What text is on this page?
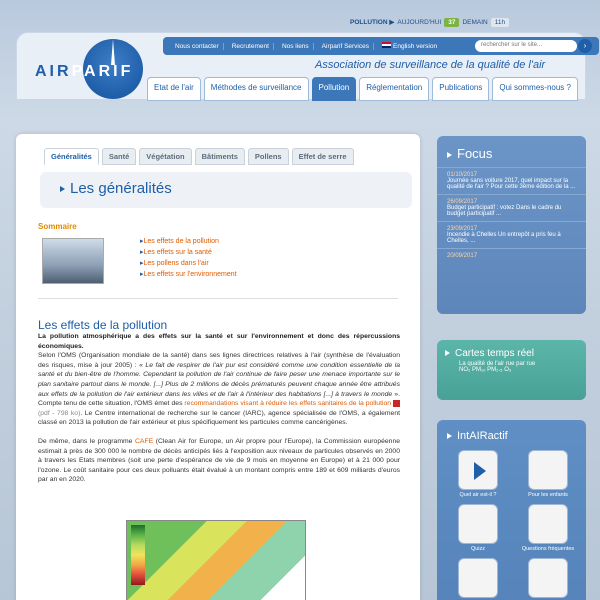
POLLUTION ▶ AUJOURD'HUI	37	DEMAIN	11h
AIRPARIF
Nous contacter	Recrutement	Nos liens	Airparif Services	English version	rechercher sur le site...	›
Association de surveillance de la qualité de l'air
Etat de l'air	Méthodes de surveillance	Pollution	Réglementation	Publications	Qui sommes-nous ?
Généralités	Santé	Végétation	Bâtiments	Pollens	Effet de serre
Les généralités
Sommaire
▸ Les effets de la pollution
▸ Les effets sur la santé
▸ Les pollens dans l'air
▸ Les effets sur l'environnement
Les effets de la pollution

La pollution atmosphérique a des effets sur la santé et sur l'environnement et donc des répercussions économiques.

Selon l'OMS (Organisation mondiale de la santé) dans ses lignes directrices relatives à l'air (synthèse de l'évaluation des risques, mise à jour 2005) : « Le fait de respirer de l'air pur est considéré comme une condition essentielle de la santé et du bien-être de l'homme. Cependant la pollution de l'air continue de faire peser une menace importante sur le plan sanitaire partout dans le monde. [...] Plus de 2 millions de décès prématurés peuvent chaque année être attribués aux effets de la pollution de l'air extérieur dans les villes et de l'air à l'intérieur des habitations [...] à travers le monde ». Compte tenu de cette situation, l'OMS émet des recommandations visant à réduire les effets sanitaires de la pollution  (pdf - 798 ko). Le Centre international de recherche sur le cancer (IARC), agence spécialisée de l'OMS, a également classé en 2013 la pollution de l'air extérieur et plus spécifiquement les particules comme cancérigènes.

De même, dans le programme CAFE (Clean Air for Europe, un Air propre pour l'Europe), la Commission européenne estimait à près de 300 000 le nombre de décès anticipés liés à l'exposition aux niveaux de particules observés en 2000 à travers les Etats membres (soit une perte d'espérance de vie de 9 mois en moyenne en Europe) et à 21 000 pour l'ozone. Le coût sanitaire pour ces deux polluants était évalué à un montant compris entre 189 et 609 milliards d'euros par an en 2020.

Focus
01/10/2017
Journée sans voiture 2017, quel impact sur la qualité de l'air ? Pour cette 3ème édition de la ...
26/09/2017
Budget participatif : votez Dans le cadre du budget participatif ...
23/09/2017
Incendie à Chelles Un entrepôt a pris feu à Chelles, ...
20/09/2017
Cartes temps réel
La qualité de l'air rue par rue
NO₂ PM₁₀ PM₂.₅ O₃
IntAIRactif
Quel air est-il ?	Pour les enfants
Quizz	Questions fréquentes
